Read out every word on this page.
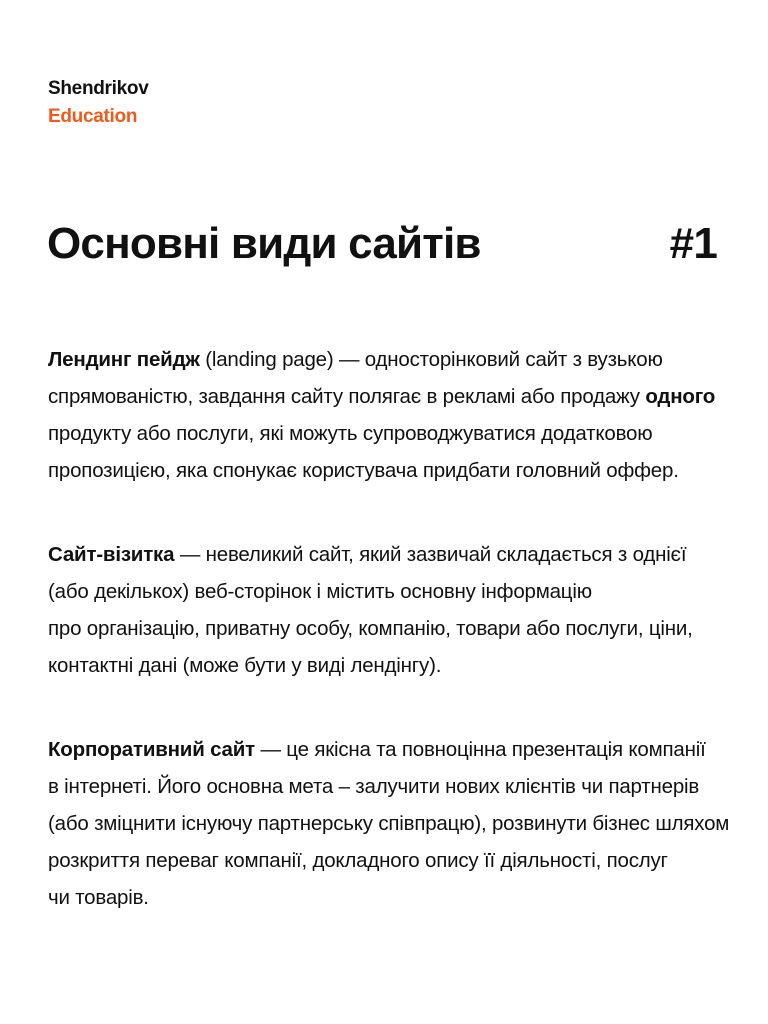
Shendrikov
Education
Основні види сайтів	#1
Лендинг пейдж (landing page) — односторінковий сайт з вузькою
спрямованістю, завдання сайту полягає в рекламі або продажу одного
продукту або послуги, які можуть супроводжуватися додатковою
пропозицією, яка спонукає користувача придбати головний оффер.
Сайт-візитка — невеликий сайт, який зазвичай складається з однієї
(або декількох) веб-сторінок і містить основну інформацію
про організацію, приватну особу, компанію, товари або послуги, ціни,
контактні дані (може бути у виді лендінгу).
Корпоративний сайт — це якісна та повноцінна презентація компанії
в інтернеті. Його основна мета – залучити нових клієнтів чи партнерів
(або зміцнити існуючу партнерську співпрацю), розвинути бізнес шляхом
розкриття переваг компанії, докладного опису її діяльності, послуг
чи товарів.
